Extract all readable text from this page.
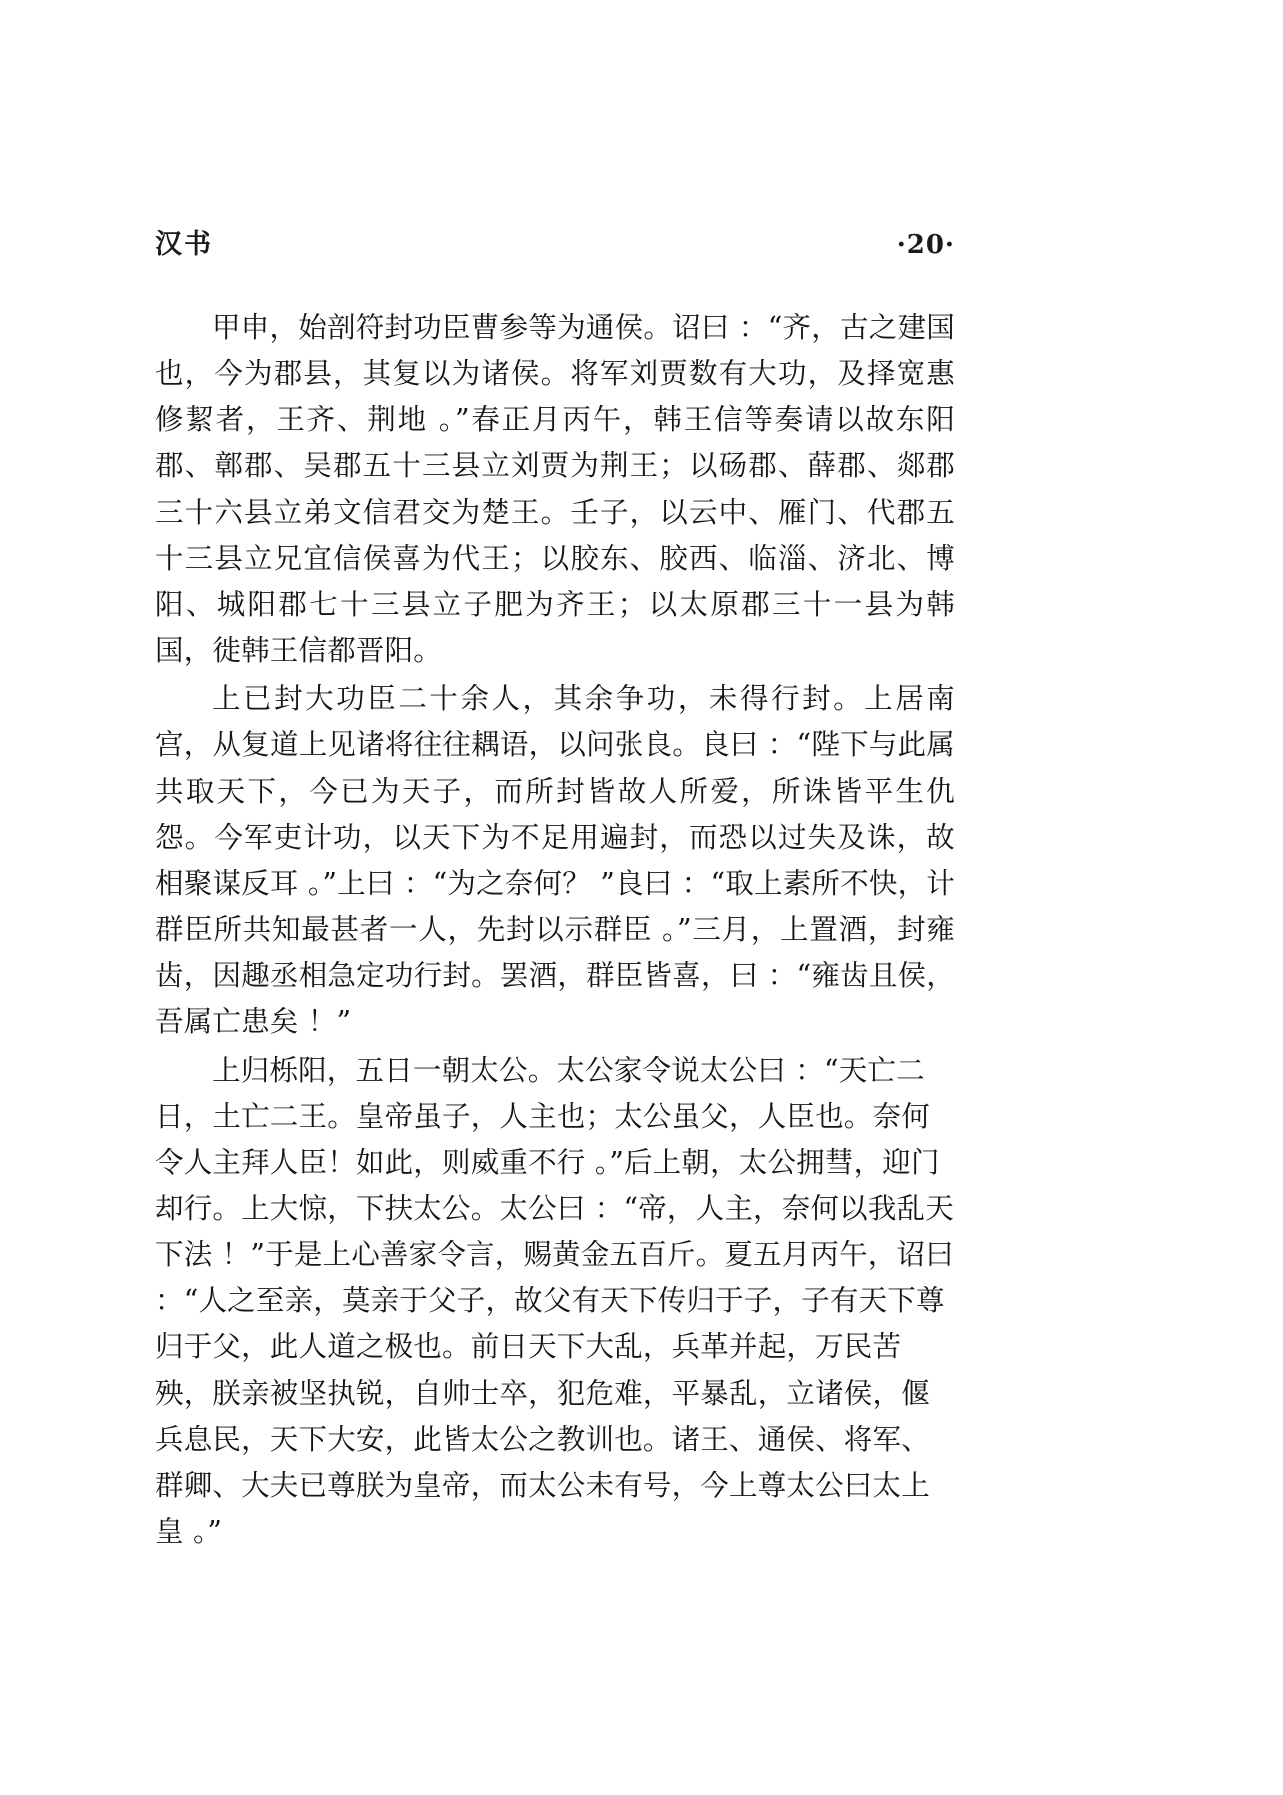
汉书	·20·

甲申，始剖符封功臣曹参等为通侯。诏曰 ：“齐，古之建国也，今为郡县，其复以为诸侯。将军刘贾数有大功，及择宽惠修絜者，王齐、荆地 。”春正月丙午，韩王信等奏请以故东阳郡、鄣郡、吴郡五十三县立刘贾为荆王；以砀郡、薛郡、郯郡三十六县立弟文信君交为楚王。壬子，以云中、雁门、代郡五十三县立兄宜信侯喜为代王；以胶东、胶西、临淄、济北、博阳、城阳郡七十三县立子肥为齐王；以太原郡三十一县为韩国，徙韩王信都晋阳。

上已封大功臣二十余人，其余争功，未得行封。上居南宫，从复道上见诸将往往耦语，以问张良。良曰 ：“陛下与此属共取天下，今已为天子，而所封皆故人所爱，所诛皆平生仇怨。今军吏计功，以天下为不足用遍封，而恐以过失及诛，故相聚谋反耳 。”上曰 ：“为之奈何？ ”良曰 ：“取上素所不快，计群臣所共知最甚者一人，先封以示群臣 。”三月，上置酒，封雍齿，因趣丞相急定功行封。罢酒，群臣皆喜，曰 ：“雍齿且侯，吾属亡患矣 ！”

上归栎阳，五日一朝太公。太公家令说太公曰 ：“天亡二日，土亡二王。皇帝虽子，人主也；太公虽父，人臣也。奈何令人主拜人臣！如此，则威重不行 。”后上朝，太公拥彗，迎门却行。上大惊，下扶太公。太公曰 ：“帝，人主，奈何以我乱天下法 ！”于是上心善家令言，赐黄金五百斤。夏五月丙午，诏曰 ：“人之至亲，莫亲于父子，故父有天下传归于子，子有天下尊归于父，此人道之极也。前日天下大乱，兵革并起，万民苦殃，朕亲被坚执锐，自帅士卒，犯危难，平暴乱，立诸侯，偃兵息民，天下大安，此皆太公之教训也。诸王、通侯、将军、群卿、大夫已尊朕为皇帝，而太公未有号，今上尊太公曰太上皇 。”
